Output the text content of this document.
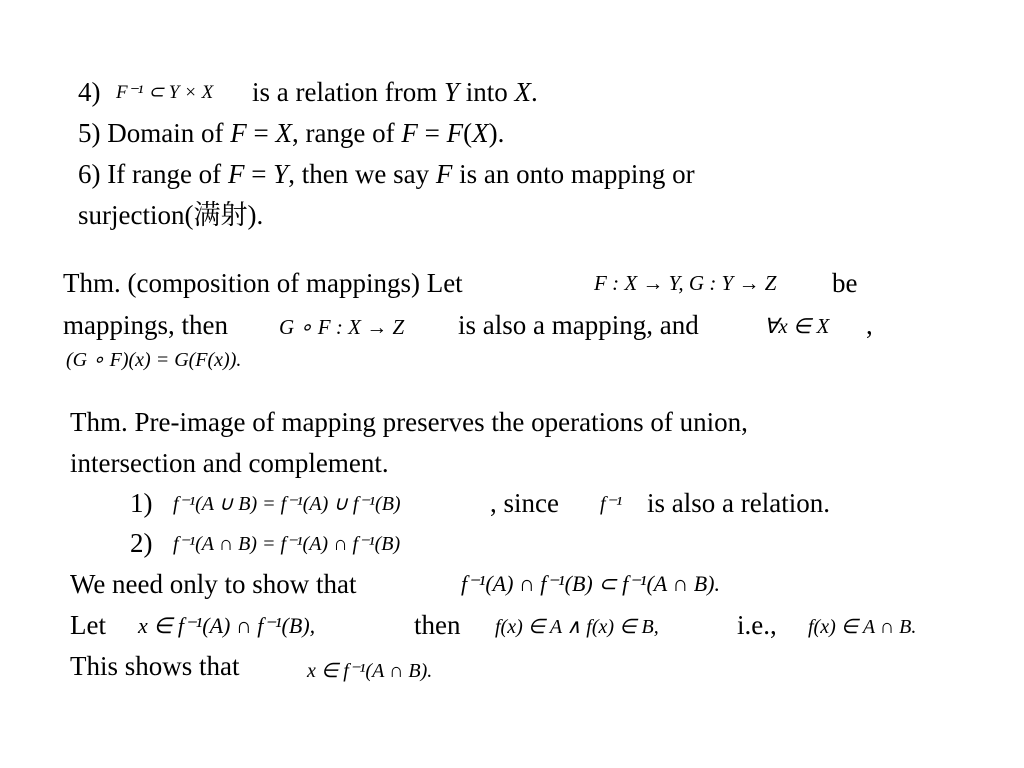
4) F⁻¹ ⊂ Y × X is a relation from Y into X.
5) Domain of F = X, range of F = F(X).
6) If range of F = Y, then we say F is an onto mapping or
surjection(满射).
Thm. (composition of mappings) Let	F : X → Y, G : Y → Z be
mappings, then G ∘ F : X → Z is also a mapping, and	∀x ∈ X ,
(G ∘ F)(x) = G(F(x)).
Thm. Pre-image of mapping preserves the operations of union,
intersection and complement.
1) f⁻¹(A ∪ B) = f⁻¹(A) ∪ f⁻¹(B)	, since f⁻¹ is also a relation.
2) f⁻¹(A ∩ B) = f⁻¹(A) ∩ f⁻¹(B)
We need only to show that	f⁻¹(A) ∩ f⁻¹(B) ⊂ f⁻¹(A ∩ B).
Let x ∈ f⁻¹(A) ∩ f⁻¹(B),	then f(x) ∈ A ∧ f(x) ∈ B,	i.e., f(x) ∈ A ∩ B.
This shows that	x ∈ f⁻¹(A ∩ B).
